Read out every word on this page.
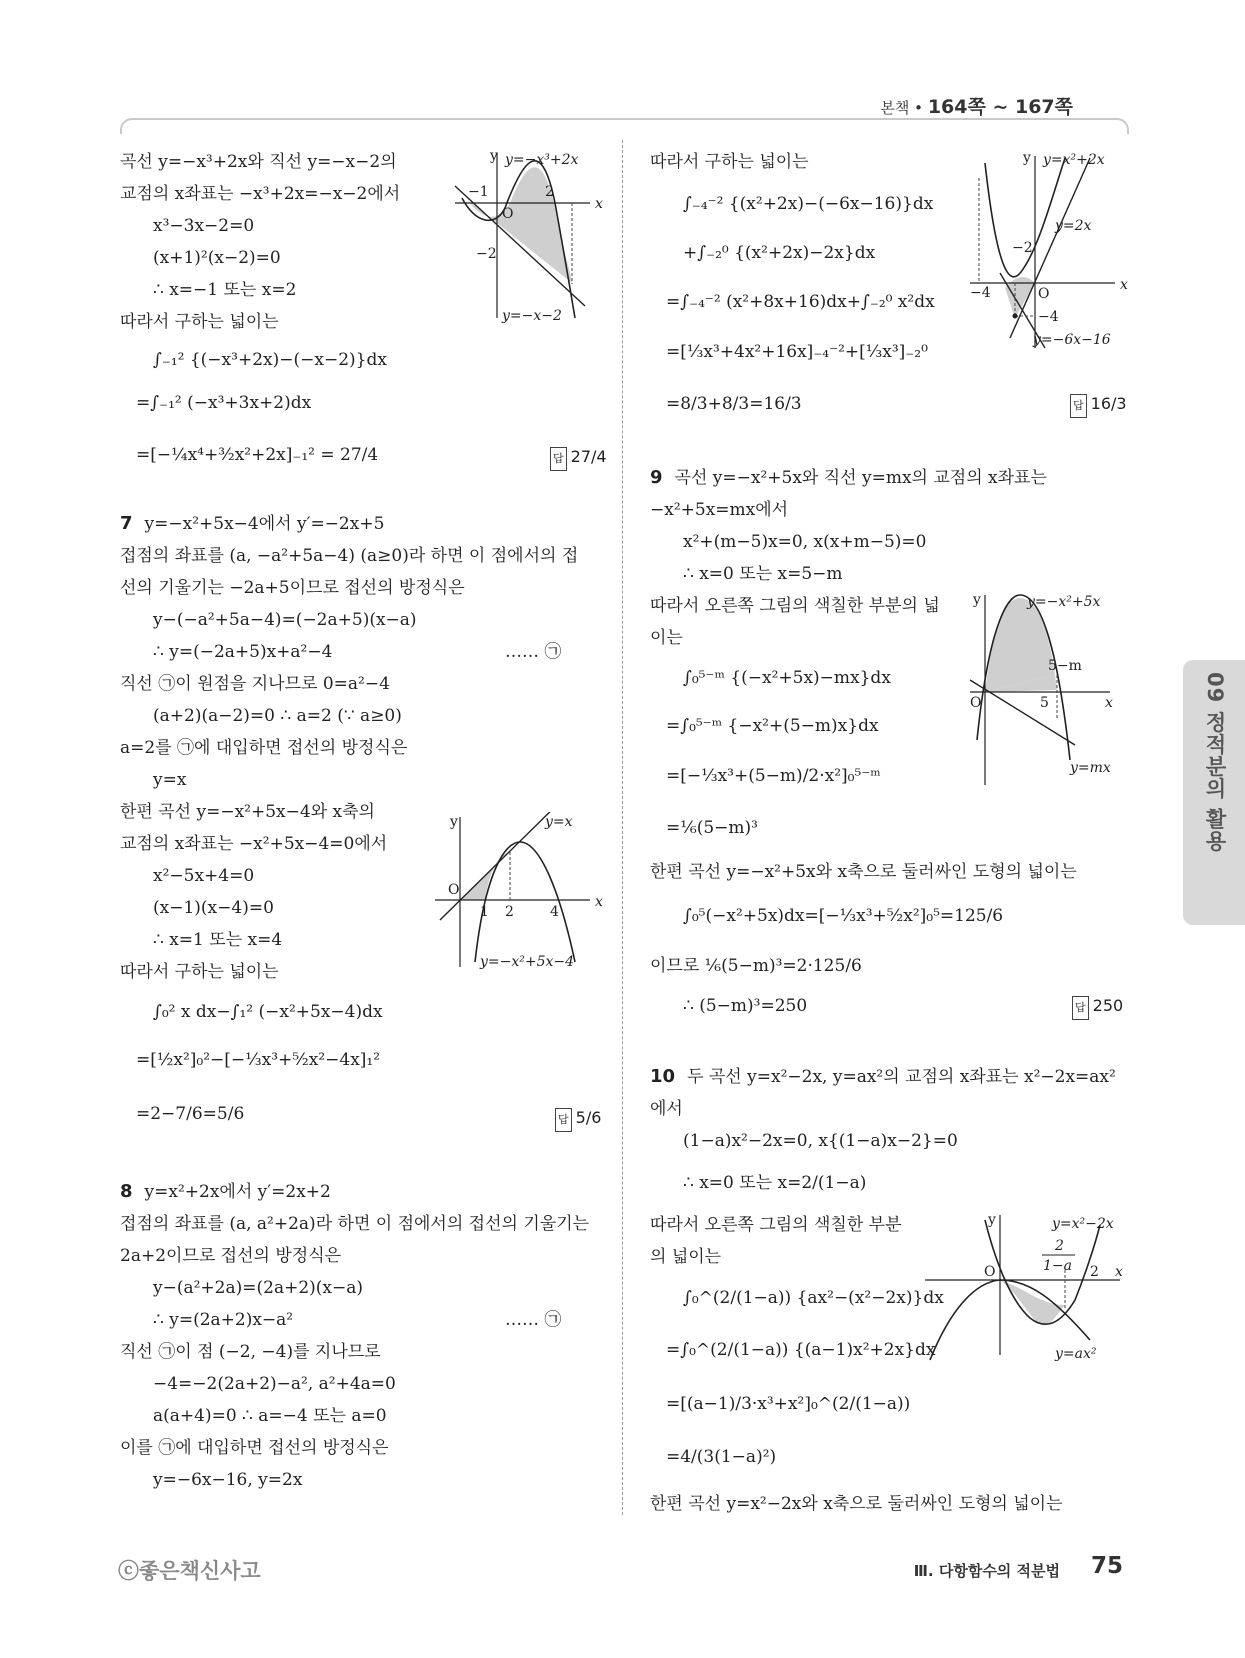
본책 • 164쪽 ~ 167쪽
09 정적분의 활용
곡선 y=−x³+2x와 직선 y=−x−2의
교점의 x좌표는 −x³+2x=−x−2에서
x³−3x−2=0
(x+1)²(x−2)=0
∴ x=−1 또는 x=2
따라서 구하는 넓이는
∫₋₁² {(−x³+2x)−(−x−2)}dx
=∫₋₁² (−x³+3x+2)dx
=[−¼x⁴+³⁄₂x²+2x]₋₁² = 27/4	답 27/4
7 y=−x²+5x−4에서 y′=−2x+5
접점의 좌표를 (a, −a²+5a−4) (a≥0)라 하면 이 점에서의 접
선의 기울기는 −2a+5이므로 접선의 방정식은
y−(−a²+5a−4)=(−2a+5)(x−a)
∴ y=(−2a+5)x+a²−4	…… ㉠
직선 ㉠이 원점을 지나므로 0=a²−4
(a+2)(a−2)=0 ∴ a=2 (∵ a≥0)
a=2를 ㉠에 대입하면 접선의 방정식은
y=x
한편 곡선 y=−x²+5x−4와 x축의
교점의 x좌표는 −x²+5x−4=0에서
x²−5x+4=0
(x−1)(x−4)=0
∴ x=1 또는 x=4
따라서 구하는 넓이는
∫₀² x dx−∫₁² (−x²+5x−4)dx
=[½x²]₀²−[−⅓x³+⁵⁄₂x²−4x]₁²
=2−7/6=5/6	답 5/6
8 y=x²+2x에서 y′=2x+2
접점의 좌표를 (a, a²+2a)라 하면 이 점에서의 접선의 기울기는
2a+2이므로 접선의 방정식은
y−(a²+2a)=(2a+2)(x−a)
∴ y=(2a+2)x−a²	…… ㉠
직선 ㉠이 점 (−2, −4)를 지나므로
−4=−2(2a+2)−a², a²+4a=0
a(a+4)=0 ∴ a=−4 또는 a=0
이를 ㉠에 대입하면 접선의 방정식은
y=−6x−16, y=2x
따라서 구하는 넓이는
∫₋₄⁻² {(x²+2x)−(−6x−16)}dx
+∫₋₂⁰ {(x²+2x)−2x}dx
=∫₋₄⁻² (x²+8x+16)dx+∫₋₂⁰ x²dx
=[⅓x³+4x²+16x]₋₄⁻²+[⅓x³]₋₂⁰
=8/3+8/3=16/3	답 16/3
9 곡선 y=−x²+5x와 직선 y=mx의 교점의 x좌표는
−x²+5x=mx에서
x²+(m−5)x=0, x(x+m−5)=0
∴ x=0 또는 x=5−m
따라서 오른쪽 그림의 색칠한 부분의 넓
이는
∫₀⁵⁻ᵐ {(−x²+5x)−mx}dx
=∫₀⁵⁻ᵐ {−x²+(5−m)x}dx
=[−⅓x³+(5−m)/2·x²]₀⁵⁻ᵐ
=⅙(5−m)³
한편 곡선 y=−x²+5x와 x축으로 둘러싸인 도형의 넓이는
∫₀⁵(−x²+5x)dx=[−⅓x³+⁵⁄₂x²]₀⁵=125/6
이므로 ⅙(5−m)³=2·125/6
∴ (5−m)³=250	답 250
10 두 곡선 y=x²−2x, y=ax²의 교점의 x좌표는 x²−2x=ax²
에서
(1−a)x²−2x=0, x{(1−a)x−2}=0
∴ x=0 또는 x=2/(1−a)
따라서 오른쪽 그림의 색칠한 부분
의 넓이는
∫₀^(2/(1−a)) {ax²−(x²−2x)}dx
=∫₀^(2/(1−a)) {(a−1)x²+2x}dx
=[(a−1)/3·x³+x²]₀^(2/(1−a))
=4/(3(1−a)²)
한편 곡선 y=x²−2x와 x축으로 둘러싸인 도형의 넓이는
y y=−x³+2x
x
−1	2
O
−2
y=−x−2
y	y=x
x
O
1 2	4
y=−x²+5x−4
y y=x²+2x
y=2x
x
−4
−2
O
−4
y=−6x−16
y	y=−x²+5x
5−m
5
O	x
y=mx
y	y=x²−2x
2
1−a 2
O	x
y=ax²
ⓒ좋은책신사고	Ⅲ. 다항함수의 적분법 75
